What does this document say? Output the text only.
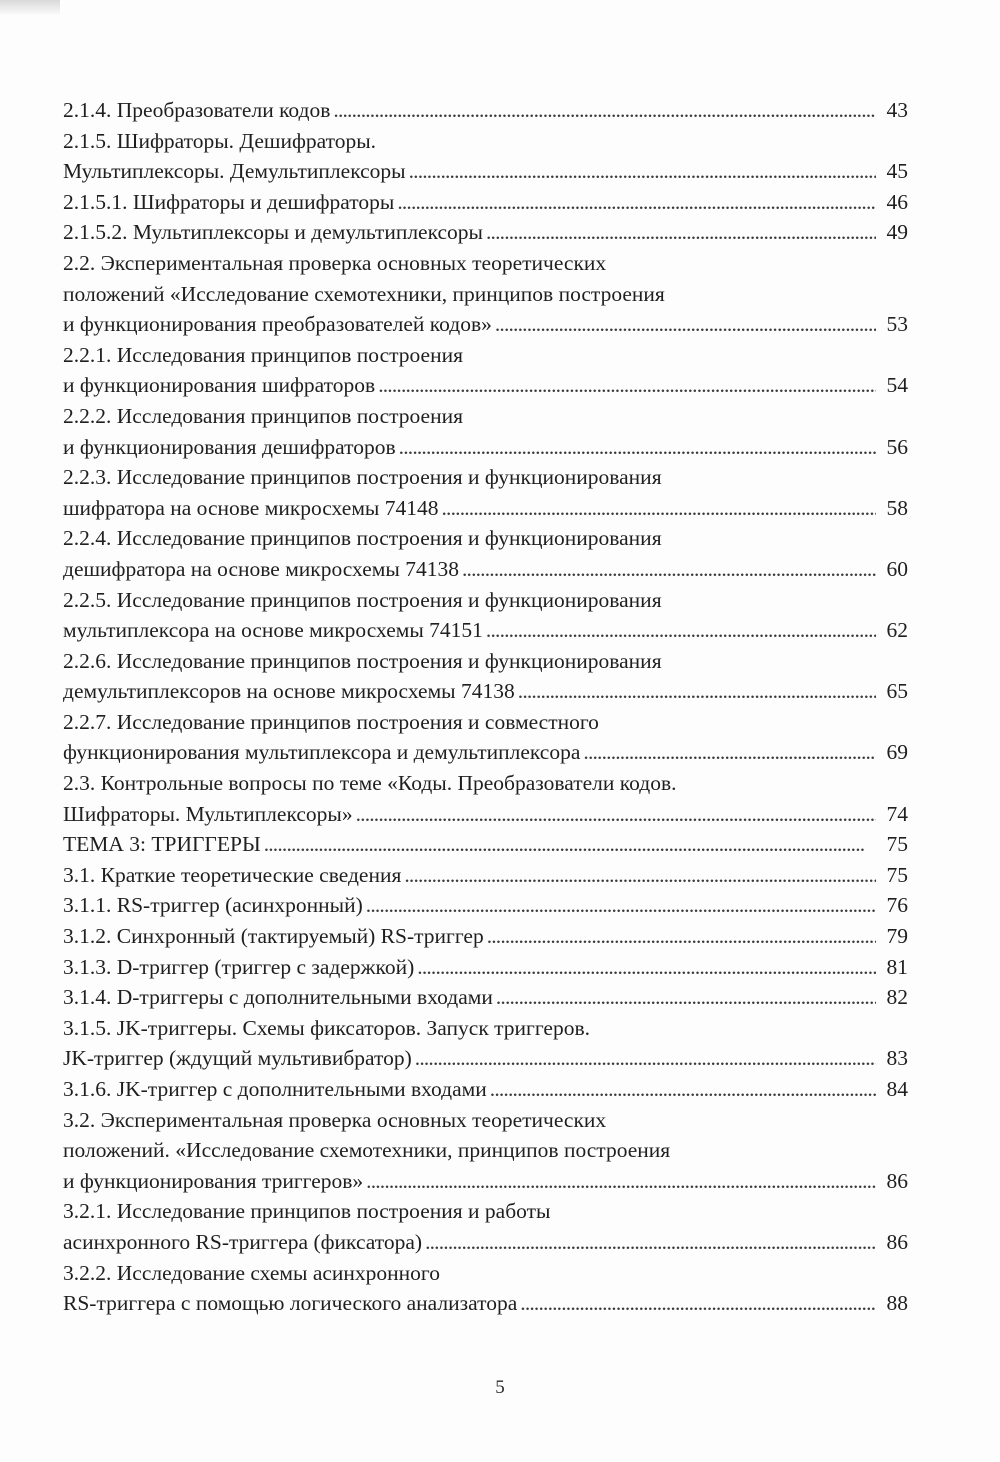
2.1.4. Преобразователи кодов . . .	43
2.1.5. Шифраторы. Дешифраторы.
Мультиплексоры. Демультиплексоры . . .	45
2.1.5.1. Шифраторы и дешифраторы . . .	46
2.1.5.2. Мультиплексоры и демультиплексоры . . .	49
2.2. Экспериментальная проверка основных теоретических
положений «Исследование схемотехники, принципов построения
и функционирования преобразователей кодов» . . .	53
2.2.1. Исследования принципов построения
и функционирования шифраторов . . .	54
2.2.2. Исследования принципов построения
и функционирования дешифраторов . . .	56
2.2.3. Исследование принципов построения и функционирования
шифратора на основе микросхемы 74148 . . .	58
2.2.4. Исследование принципов построения и функционирования
дешифратора на основе микросхемы 74138 . . .	60
2.2.5. Исследование принципов построения и функционирования
мультиплексора на основе микросхемы 74151 . . .	62
2.2.6. Исследование принципов построения и функционирования
демультиплексоров на основе микросхемы 74138 . . .	65
2.2.7. Исследование принципов построения и совместного
функционирования мультиплексора и демультиплексора . . .	69
2.3. Контрольные вопросы по теме «Коды. Преобразователи кодов.
Шифраторы. Мультиплексоры» . . .	74
ТЕМА 3: ТРИГГЕРЫ . . .	75
3.1. Краткие теоретические сведения . . .	75
3.1.1. RS-триггер (асинхронный) . . .	76
3.1.2. Синхронный (тактируемый) RS-триггер . . .	79
3.1.3. D-триггер (триггер с задержкой) . . .	81
3.1.4. D-триггеры с дополнительными входами . . .	82
3.1.5. JK-триггеры. Схемы фиксаторов. Запуск триггеров.
JK-триггер (ждущий мультивибратор) . . .	83
3.1.6. JK-триггер с дополнительными входами . . .	84
3.2. Экспериментальная проверка основных теоретических
положений. «Исследование схемотехники, принципов построения
и функционирования триггеров» . . .	86
3.2.1. Исследование принципов построения и работы
асинхронного RS-триггера (фиксатора) . . .	86
3.2.2. Исследование схемы асинхронного
RS-триггера с помощью логического анализатора . . .	88
5
